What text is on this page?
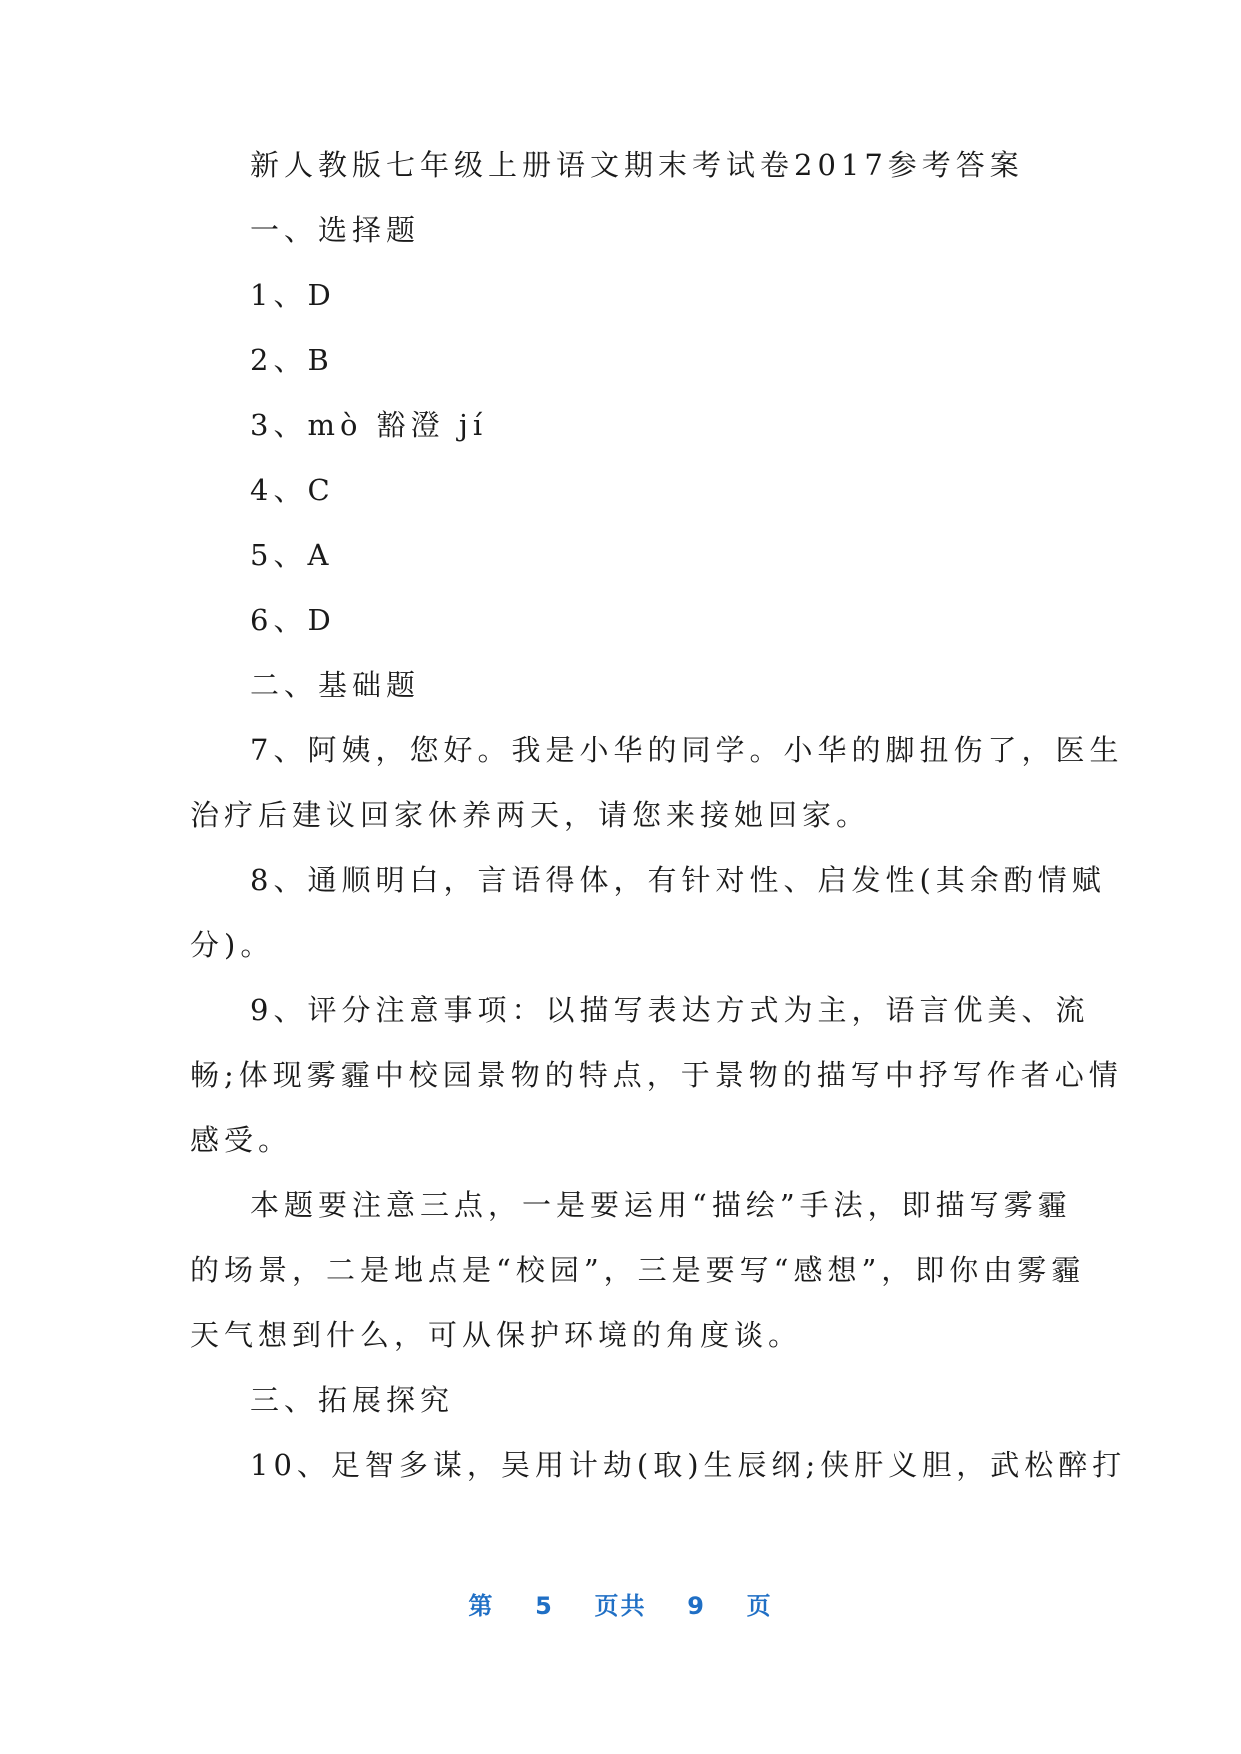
新人教版七年级上册语文期末考试卷2017参考答案
一、选择题
1、D
2、B
3、mò 豁澄 jí
4、C
5、A
6、D
二、基础题
7、阿姨，您好。我是小华的同学。小华的脚扭伤了，医生
治疗后建议回家休养两天，请您来接她回家。
8、通顺明白，言语得体，有针对性、启发性(其余酌情赋
分)。
9、评分注意事项：以描写表达方式为主，语言优美、流
畅;体现雾霾中校园景物的特点，于景物的描写中抒写作者心情
感受。
本题要注意三点，一是要运用“描绘”手法，即描写雾霾
的场景，二是地点是“校园”，三是要写“感想”，即你由雾霾
天气想到什么，可从保护环境的角度谈。
三、拓展探究
10、足智多谋，吴用计劫(取)生辰纲;侠肝义胆，武松醉打
第 5 页共 9 页
